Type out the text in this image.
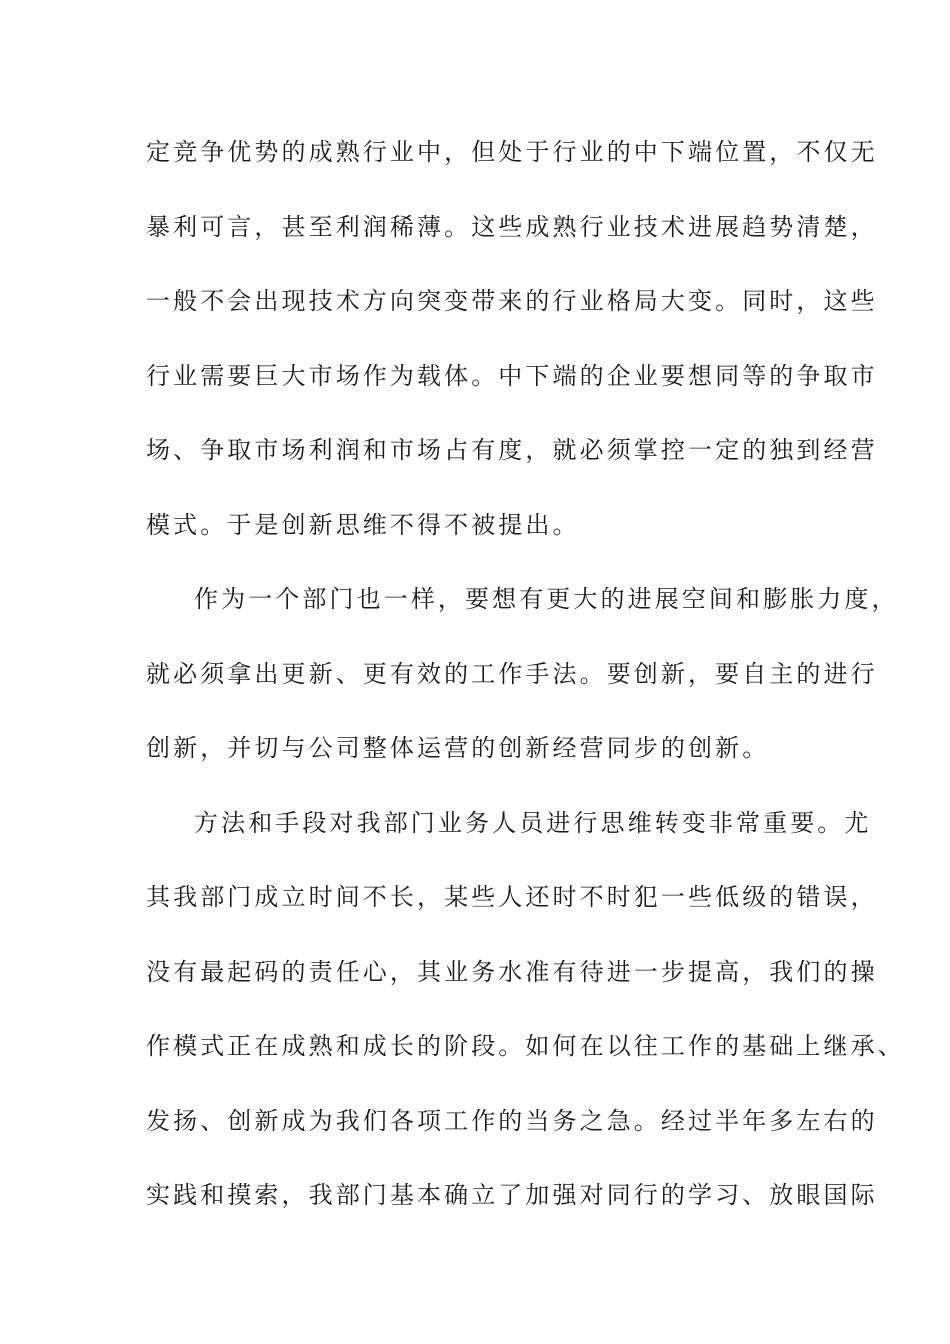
定竞争优势的成熟行业中，但处于行业的中下端位置，不仅无
暴利可言，甚至利润稀薄。这些成熟行业技术进展趋势清楚，
一般不会出现技术方向突变带来的行业格局大变。同时，这些
行业需要巨大市场作为载体。中下端的企业要想同等的争取市
场、争取市场利润和市场占有度，就必须掌控一定的独到经营
模式。于是创新思维不得不被提出。
作为一个部门也一样，要想有更大的进展空间和膨胀力度，
就必须拿出更新、更有效的工作手法。要创新，要自主的进行
创新，并切与公司整体运营的创新经营同步的创新。
方法和手段对我部门业务人员进行思维转变非常重要。尤
其我部门成立时间不长，某些人还时不时犯一些低级的错误，
没有最起码的责任心，其业务水准有待进一步提高，我们的操
作模式正在成熟和成长的阶段。如何在以往工作的基础上继承、
发扬、创新成为我们各项工作的当务之急。经过半年多左右的
实践和摸索，我部门基本确立了加强对同行的学习、放眼国际
